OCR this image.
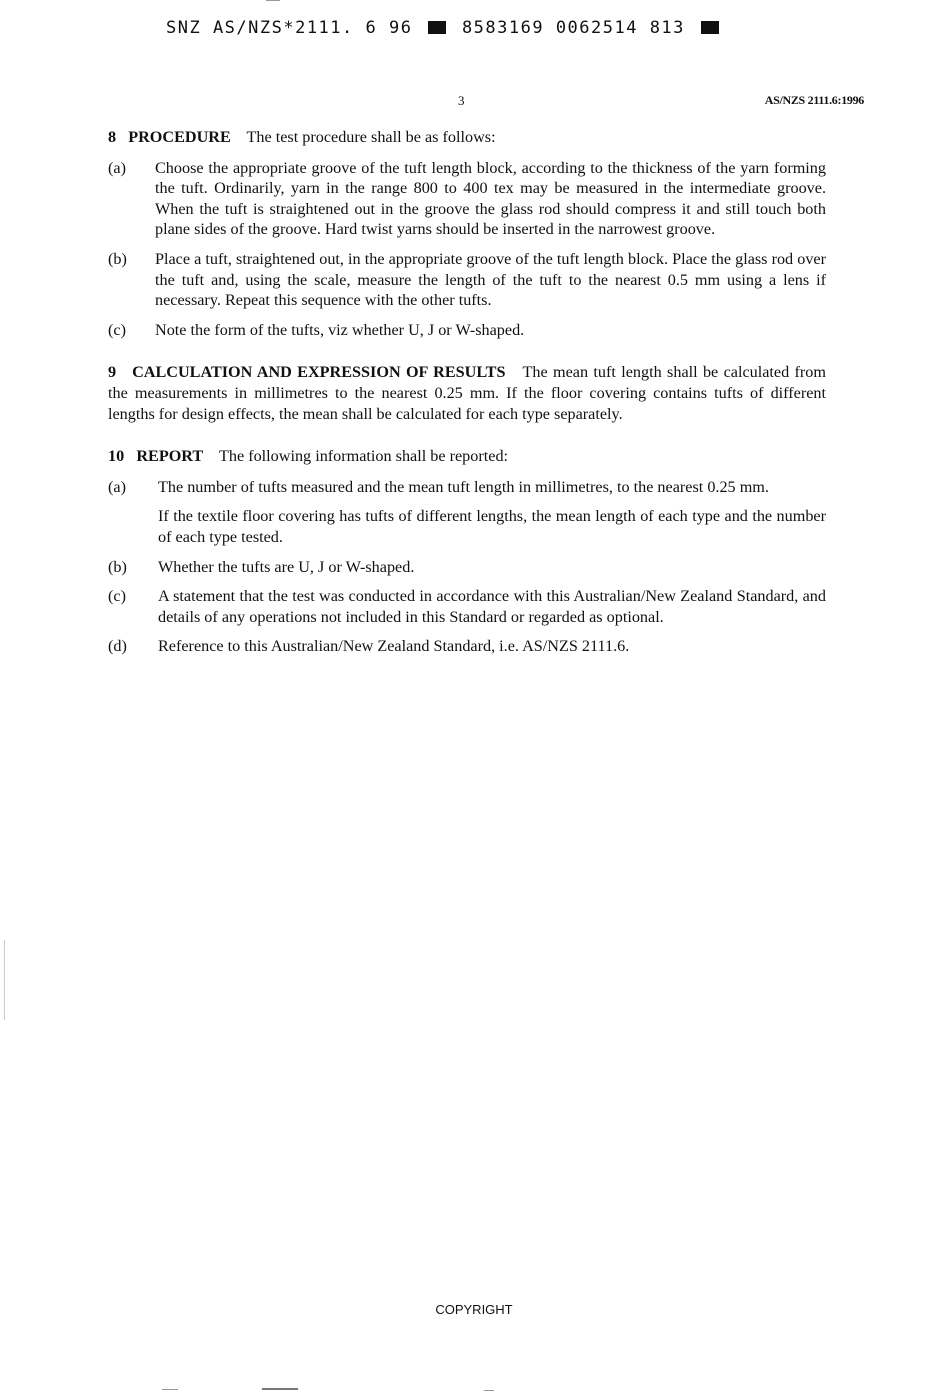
SNZ AS/NZS*2111. 6 96	8583169 0062514 813
3	AS/NZS 2111.6:1996
8 PROCEDURE The test procedure shall be as follows:
(a)	Choose the appropriate groove of the tuft length block, according to the thickness of the yarn forming the tuft. Ordinarily, yarn in the range 800 to 400 tex may be measured in the intermediate groove. When the tuft is straightened out in the groove the glass rod should compress it and still touch both plane sides of the groove. Hard twist yarns should be inserted in the narrowest groove.
(b)	Place a tuft, straightened out, in the appropriate groove of the tuft length block. Place the glass rod over the tuft and, using the scale, measure the length of the tuft to the nearest 0.5 mm using a lens if necessary. Repeat this sequence with the other tufts.
(c)	Note the form of the tufts, viz whether U, J or W-shaped.
9 CALCULATION AND EXPRESSION OF RESULTS The mean tuft length shall be calculated from the measurements in millimetres to the nearest 0.25 mm. If the floor covering contains tufts of different lengths for design effects, the mean shall be calculated for each type separately.
10 REPORT The following information shall be reported:
(a)	The number of tufts measured and the mean tuft length in millimetres, to the nearest 0.25 mm.

If the textile floor covering has tufts of different lengths, the mean length of each type and the number of each type tested.

(b)	Whether the tufts are U, J or W-shaped.
(c)	A statement that the test was conducted in accordance with this Australian/New Zealand Standard, and details of any operations not included in this Standard or regarded as optional.
(d)	Reference to this Australian/New Zealand Standard, i.e. AS/NZS 2111.6.
COPYRIGHT
